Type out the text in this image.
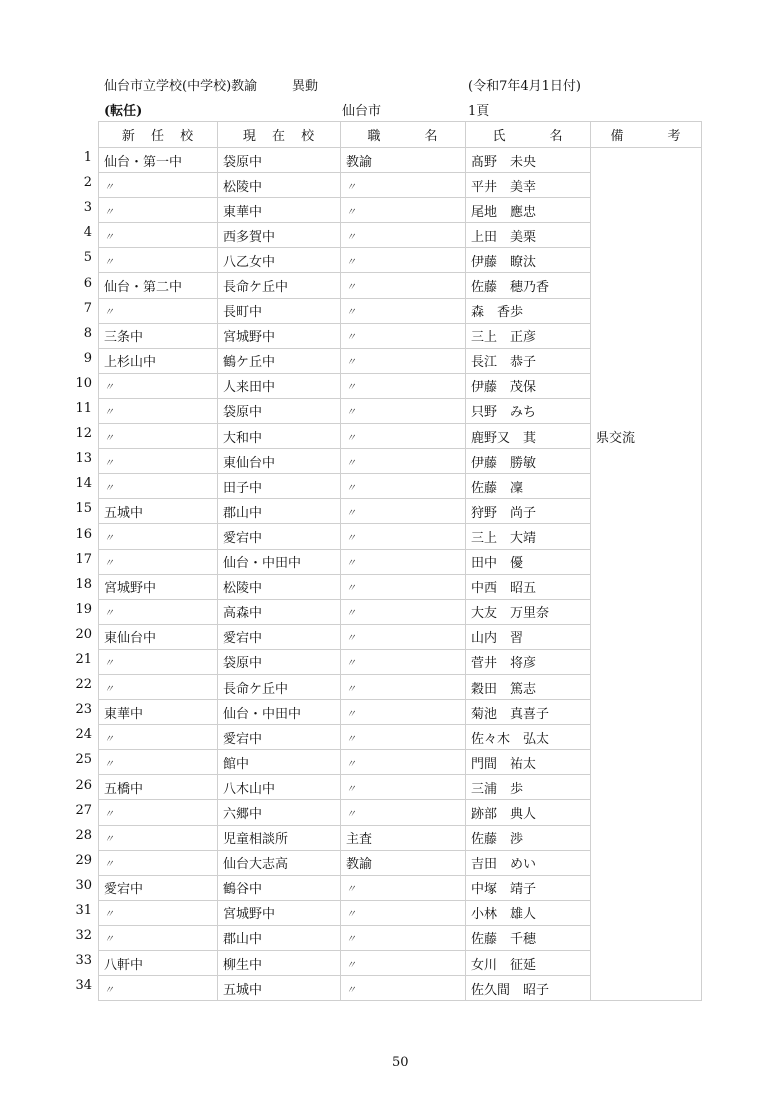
仙台市立学校(中学校)教諭	異動	(令和7年4月1日付)
(転任)	仙台市	1頁
新 任 校	現 在 校	職　　名	氏　　名	備　　考
仙台・第一中	袋原中	教諭	髙野　未央	
〃	松陵中	〃	平井　美幸	
〃	東華中	〃	尾地　應忠	
〃	西多賀中	〃	上田　美栗	
〃	八乙女中	〃	伊藤　瞭汰	
仙台・第二中	長命ケ丘中	〃	佐藤　穂乃香	
〃	長町中	〃	森　香歩	
三条中	宮城野中	〃	三上　正彦	
上杉山中	鶴ケ丘中	〃	長江　恭子	
〃	人来田中	〃	伊藤　茂保	
〃	袋原中	〃	只野　みち	
〃	大和中	〃	鹿野又　萁	県交流
〃	東仙台中	〃	伊藤　勝敏	
〃	田子中	〃	佐藤　凜	
五城中	郡山中	〃	狩野　尚子	
〃	愛宕中	〃	三上　大靖	
〃	仙台・中田中	〃	田中　優	
宮城野中	松陵中	〃	中西　昭五	
〃	高森中	〃	大友　万里奈	
東仙台中	愛宕中	〃	山内　習	
〃	袋原中	〃	菅井　将彦	
〃	長命ケ丘中	〃	穀田　篤志	
東華中	仙台・中田中	〃	菊池　真喜子	
〃	愛宕中	〃	佐々木　弘太	
〃	館中	〃	門間　祐太	
五橋中	八木山中	〃	三浦　歩	
〃	六郷中	〃	跡部　典人	
〃	児童相談所	主査	佐藤　渉	
〃	仙台大志高	教諭	吉田　めい	
愛宕中	鶴谷中	〃	中塚　靖子	
〃	宮城野中	〃	小林　雄人	
〃	郡山中	〃	佐藤　千穂	
八軒中	柳生中	〃	女川　征延	
〃	五城中	〃	佐久間　昭子	
1
2
3
4
5
6
7
8
9
10
11
12
13
14
15
16
17
18
19
20
21
22
23
24
25
26
27
28
29
30
31
32
33
34
50
